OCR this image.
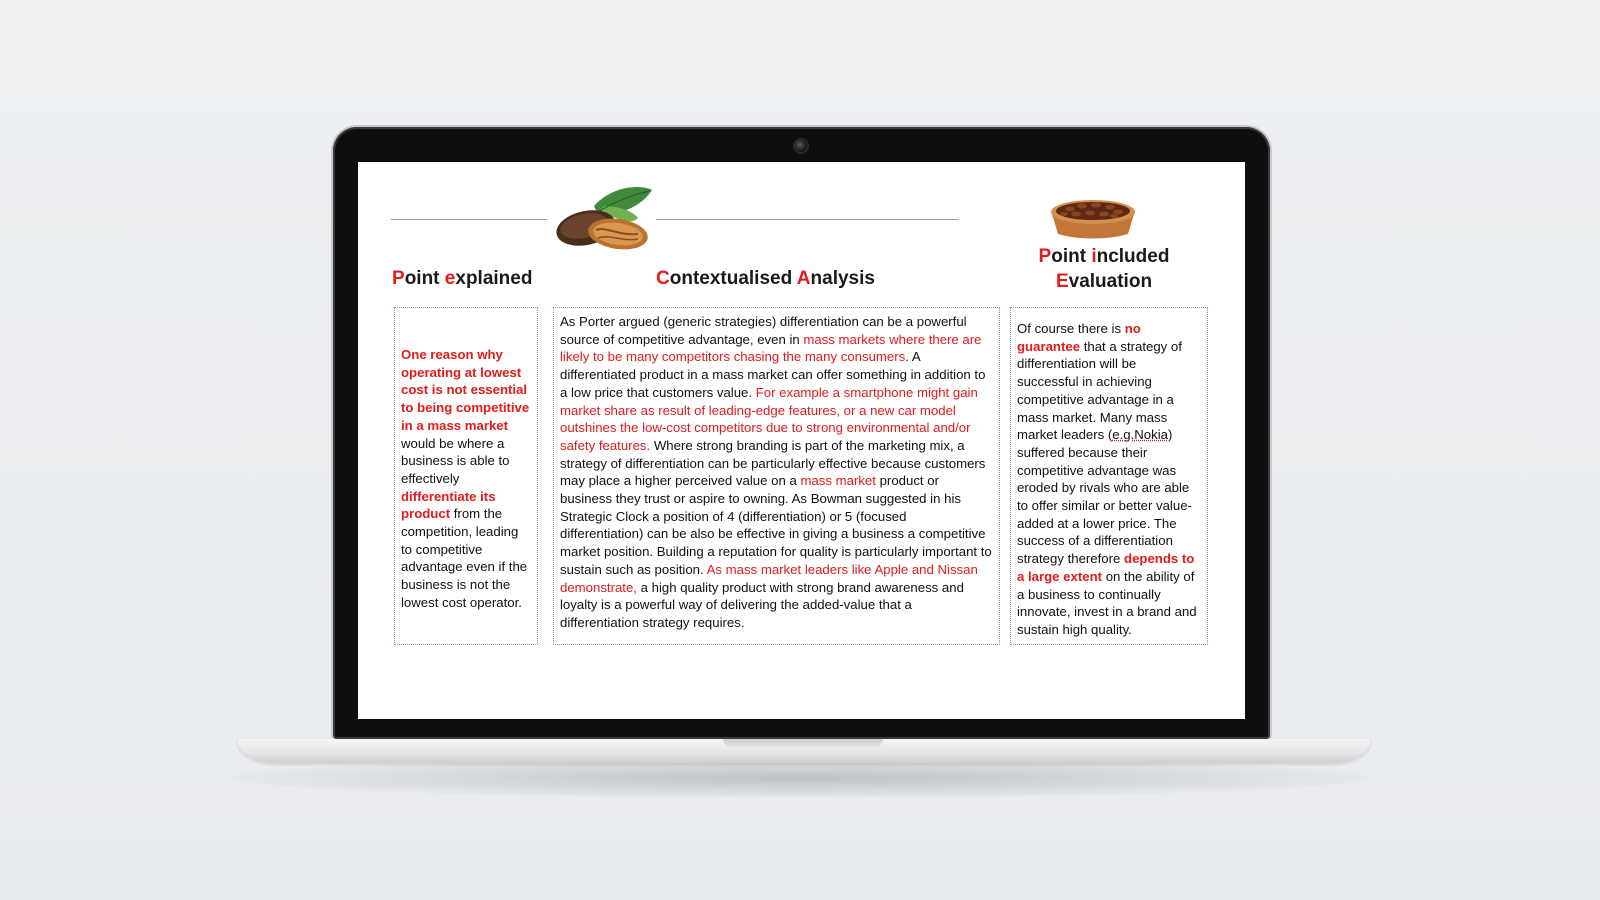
Point explained	Contextualised Analysis
Point included
Evaluation
One reason why operating at lowest cost is not essential to being competitive in a mass market would be where a business is able to effectively differentiate its product from the competition, leading to competitive advantage even if the business is not the lowest cost operator.
As Porter argued (generic strategies) differentiation can be a powerful source of competitive advantage, even in mass markets where there are likely to be many competitors chasing the many consumers. A differentiated product in a mass market can offer something in addition to a low price that customers value. For example a smartphone might gain market share as result of leading-edge features, or a new car model outshines the low-cost competitors due to strong environmental and/or safety features. Where strong branding is part of the marketing mix, a strategy of differentiation can be particularly effective because customers may place a higher perceived value on a mass market product or business they trust or aspire to owning. As Bowman suggested in his Strategic Clock a position of 4 (differentiation) or 5 (focused differentiation) can be also be effective in giving a business a competitive market position. Building a reputation for quality is particularly important to sustain such as position. As mass market leaders like Apple and Nissan demonstrate, a high quality product with strong brand awareness and loyalty is a powerful way of delivering the added-value that a differentiation strategy requires.
Of course there is no guarantee that a strategy of differentiation will be successful in achieving competitive advantage in a mass market. Many mass market leaders (e.g.Nokia) suffered because their competitive advantage was eroded by rivals who are able to offer similar or better value-added at a lower price. The success of a differentiation strategy therefore depends to a large extent on the ability of a business to continually innovate, invest in a brand and sustain high quality.
